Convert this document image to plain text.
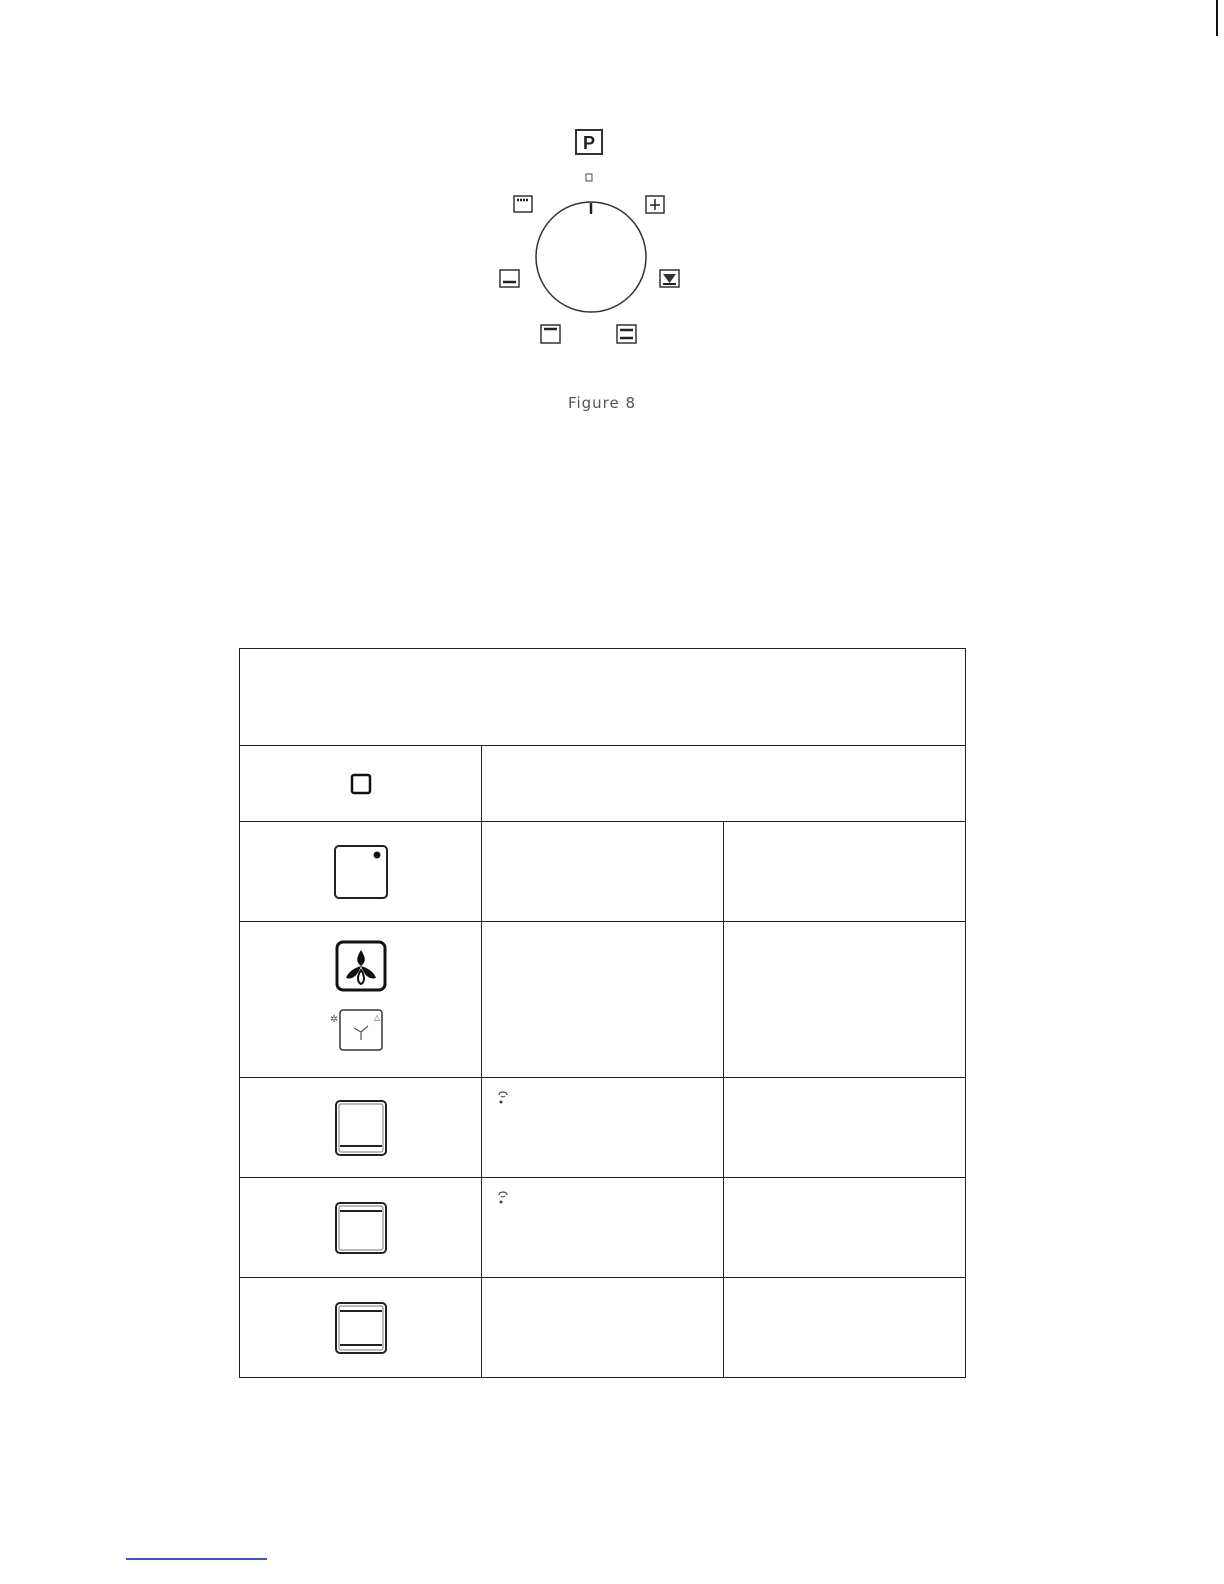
P
Figure 8

✲ △		
